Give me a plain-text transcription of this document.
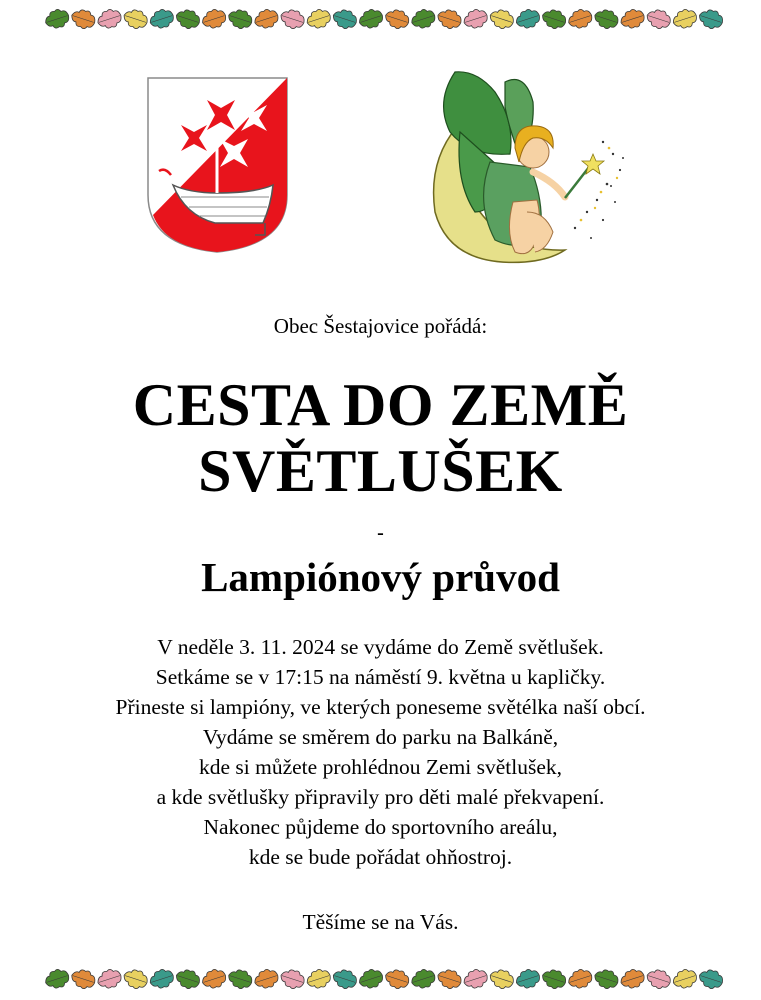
Obec Šestajovice pořádá:
CESTA DO ZEMĚ
SVĚTLUŠEK
-
Lampiónový průvod
V neděle 3. 11. 2024 se vydáme do Země světlušek.
Setkáme se v 17:15 na náměstí 9. května u kapličky.
Přineste si lampióny, ve kterých poneseme světélka naší obcí.
Vydáme se směrem do parku na Balkáně,
kde si můžete prohlédnou Zemi světlušek,
a kde světlušky připravily pro děti malé překvapení.
Nakonec půjdeme do sportovního areálu,
kde se bude pořádat ohňostroj.
Těšíme se na Vás.
